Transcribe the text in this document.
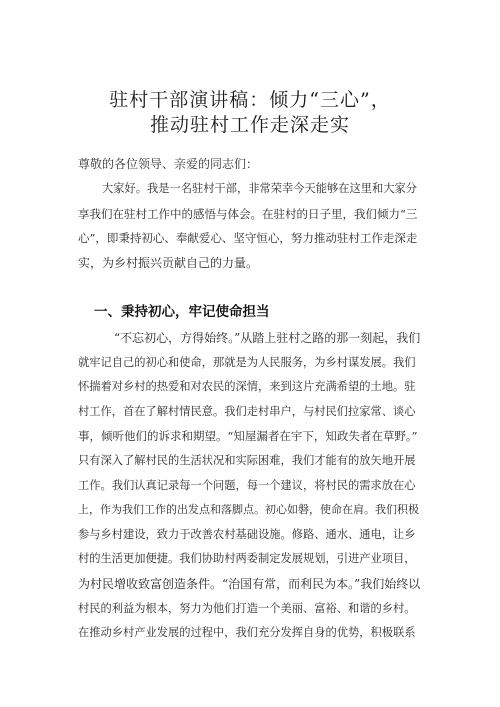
驻村干部演讲稿：倾力“三心”，
推动驻村工作走深走实
尊敬的各位领导、亲爱的同志们：
大家好。我是一名驻村干部，非常荣幸今天能够在这里和大家分
享我们在驻村工作中的感悟与体会。在驻村的日子里，我们倾力“三
心”，即秉持初心、奉献爱心、坚守恒心，努力推动驻村工作走深走
实，为乡村振兴贡献自己的力量。
一、秉持初心，牢记使命担当
“不忘初心，方得始终。”从踏上驻村之路的那一刻起，我们
就牢记自己的初心和使命，那就是为人民服务，为乡村谋发展。我们
怀揣着对乡村的热爱和对农民的深情，来到这片充满希望的土地。驻
村工作，首在了解村情民意。我们走村串户，与村民们拉家常、谈心
事，倾听他们的诉求和期望。“知屋漏者在宇下，知政失者在草野。”
只有深入了解村民的生活状况和实际困难，我们才能有的放矢地开展
工作。我们认真记录每一个问题，每一个建议，将村民的需求放在心
上，作为我们工作的出发点和落脚点。初心如磐，使命在肩。我们积极
参与乡村建设，致力于改善农村基础设施。修路、通水、通电，让乡
村的生活更加便捷。我们协助村两委制定发展规划，引进产业项目，
为村民增收致富创造条件。“治国有常，而利民为本。”我们始终以
村民的利益为根本，努力为他们打造一个美丽、富裕、和谐的乡村。
在推动乡村产业发展的过程中，我们充分发挥自身的优势，积极联系
